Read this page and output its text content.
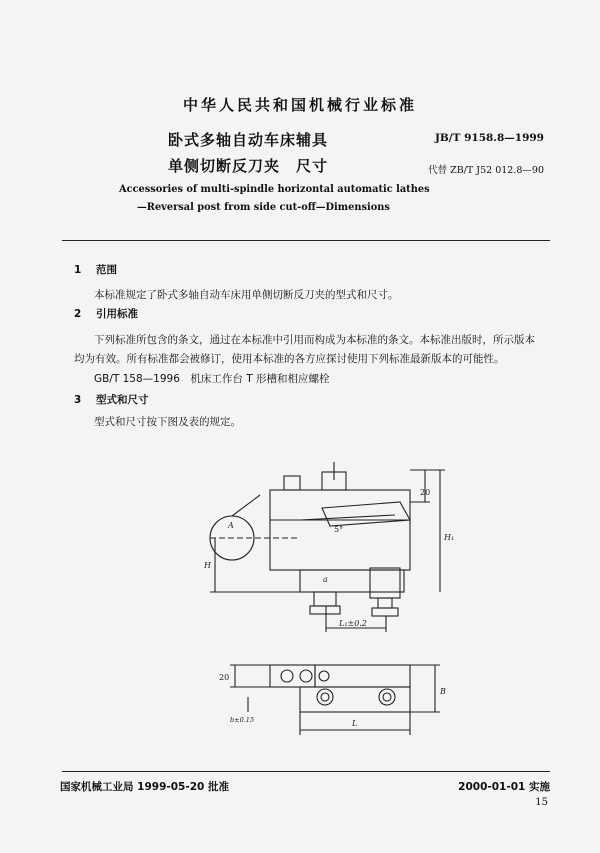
中华人民共和国机械行业标准
卧式多轴自动车床辅具
单侧切断反刀夹　尺寸
JB/T 9158.8—1999
代替 ZB/T J52 012.8—90
Accessories of multi-spindle horizontal automatic lathes
—Reversal post from side cut-off—Dimensions
1 范围
本标准规定了卧式多轴自动车床用单侧切断反刀夹的型式和尺寸。
2 引用标准
下列标准所包含的条文，通过在本标准中引用而构成为本标准的条文。本标准出版时，所示版本
均为有效。所有标准都会被修订，使用本标准的各方应探讨使用下列标准最新版本的可能性。
GB/T 158—1996　机床工作台 T 形槽和相应螺栓
3 型式和尺寸
型式和尺寸按下图及表的规定。
20
H₁
H
5°
a
L₁±0.2
20
b±0.15
B
L
A
国家机械工业局 1999-05-20 批准	2000-01-01 实施
15
